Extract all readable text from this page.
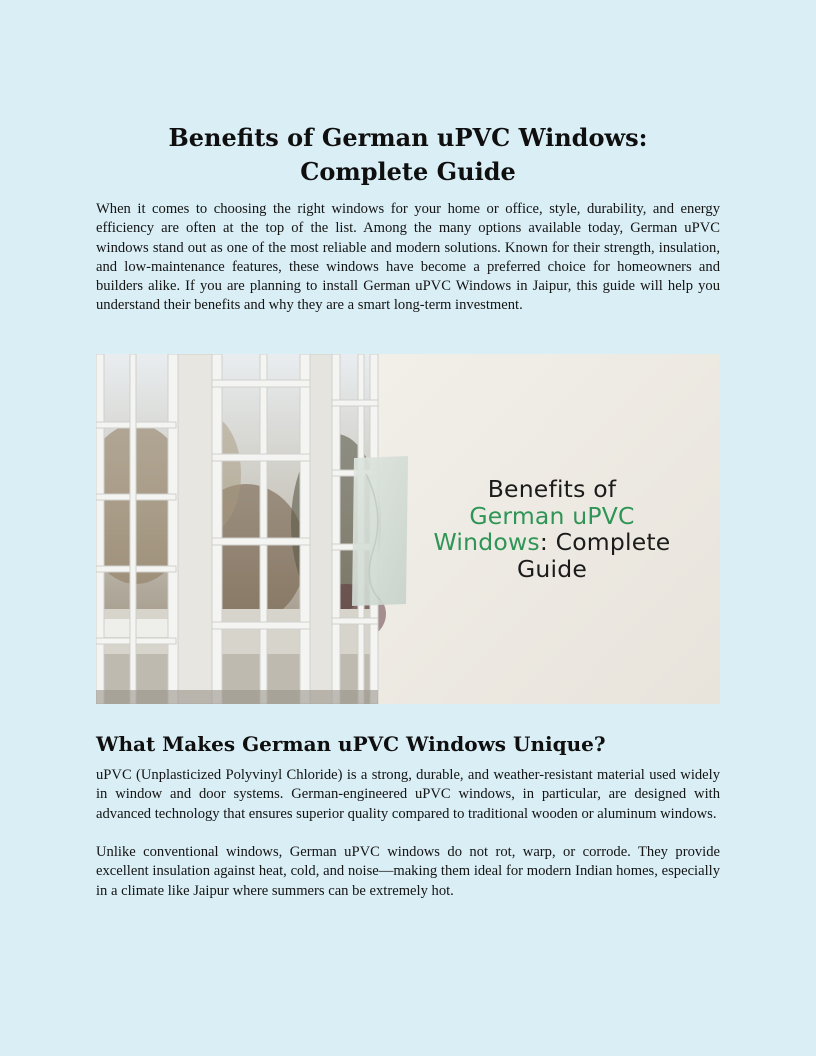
Benefits of German uPVC Windows:
Complete Guide

When it comes to choosing the right windows for your home or office, style, durability, and energy efficiency are often at the top of the list. Among the many options available today, German uPVC windows stand out as one of the most reliable and modern solutions. Known for their strength, insulation, and low-maintenance features, these windows have become a preferred choice for homeowners and builders alike. If you are planning to install German uPVC Windows in Jaipur, this guide will help you understand their benefits and why they are a smart long-term investment.

Benefits of
German uPVC
Windows: Complete
Guide
What Makes German uPVC Windows Unique?

uPVC (Unplasticized Polyvinyl Chloride) is a strong, durable, and weather-resistant material used widely in window and door systems. German-engineered uPVC windows, in particular, are designed with advanced technology that ensures superior quality compared to traditional wooden or aluminum windows.

Unlike conventional windows, German uPVC windows do not rot, warp, or corrode. They provide excellent insulation against heat, cold, and noise—making them ideal for modern Indian homes, especially in a climate like Jaipur where summers can be extremely hot.
